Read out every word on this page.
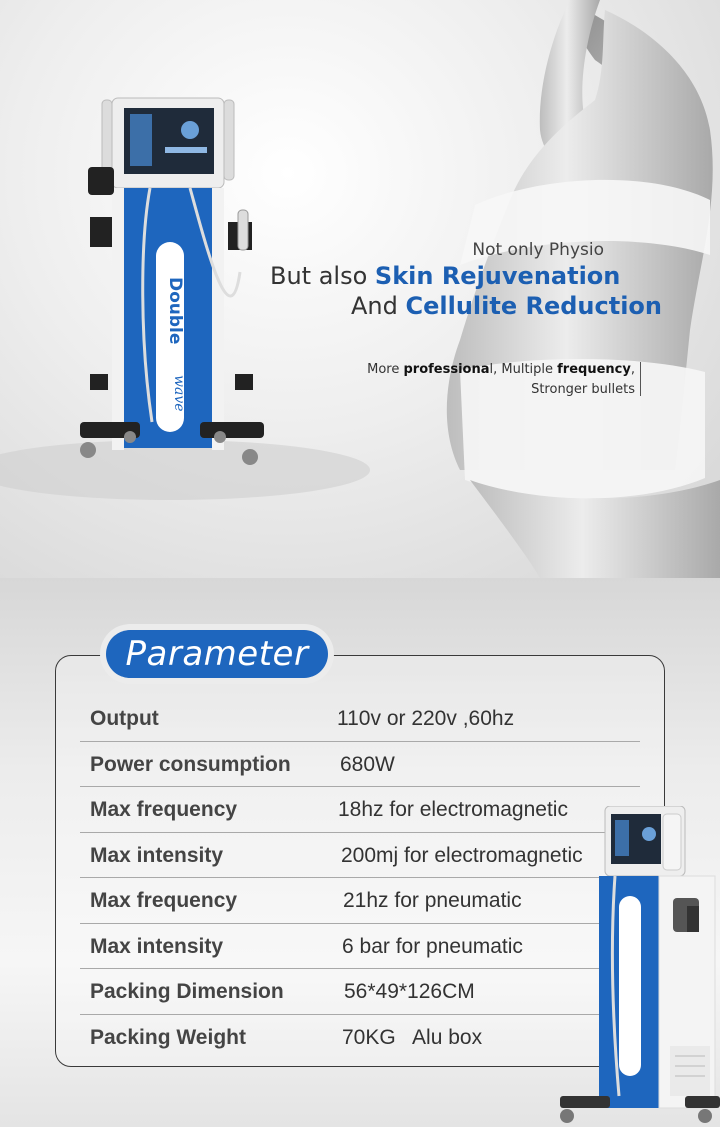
Double
wave
Not only Physio
But also Skin Rejuvenation
And Cellulite Reduction
More professional, Multiple frequency,
Stronger bullets
Parameter
Output	110v or 220v ,60hz
Power consumption 680W
Max frequency	18hz for electromagnetic
Max intensity	200mj for electromagnetic
Max frequency	21hz for pneumatic
Max intensity	6 bar for pneumatic
Packing Dimension	56*49*126CM
Packing Weight	70KG   Alu box
